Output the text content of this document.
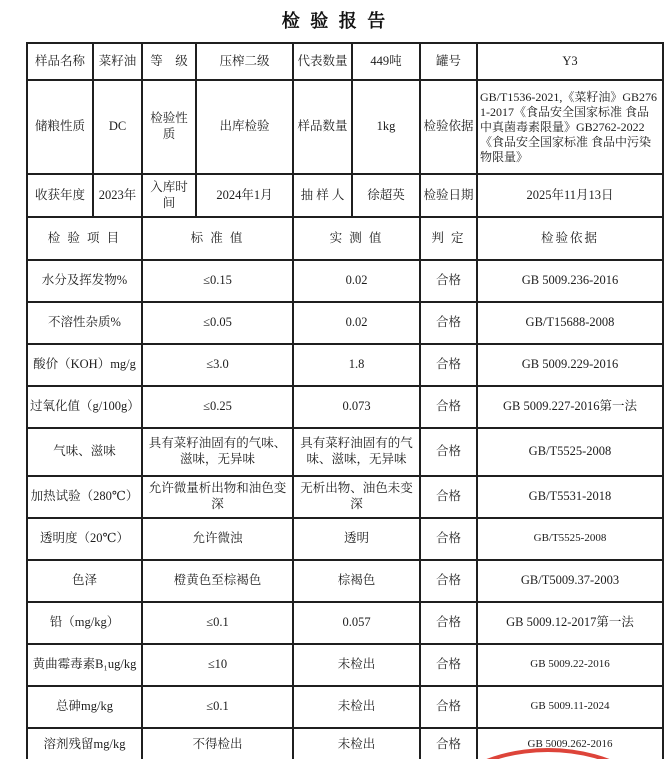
检 验 报 告
样品名称	菜籽油	等　级	压榨二级	代表数量	449吨	罐号	Y3
储粮性质	DC	检验性质	出库检验	样品数量	1kg	检验依据	GB/T1536-2021,《菜籽油》GB2761-2017《食品安全国家标准 食品中真菌毒素限量》GB2762-2022《食品安全国家标准 食品中污染物限量》
收获年度	2023年	入库时间	2024年1月	抽 样 人	徐超英	检验日期	2025年11月13日
检 验 项 目		标 准 值		实 测 值		判 定	检验依据
水分及挥发物%		≤0.15		0.02		合格	GB 5009.236-2016
不溶性杂质%		≤0.05		0.02		合格	GB/T15688-2008
酸价（KOH）mg/g		≤3.0		1.8		合格	GB 5009.229-2016
过氧化值（g/100g）		≤0.25		0.073		合格	GB 5009.227-2016第一法
气味、滋味		具有菜籽油固有的气味、滋味，无异味		具有菜籽油固有的气味、滋味，无异味		合格	GB/T5525-2008
加热试验（280℃）		允许微量析出物和油色变深		无析出物、油色未变深		合格	GB/T5531-2018
透明度（20℃）		允许微浊		透明		合格	GB/T5525-2008
色泽		橙黄色至棕褐色		棕褐色		合格	GB/T5009.37-2003
铅（mg/kg）		≤0.1		0.057		合格	GB 5009.12-2017第一法
黄曲霉毒素B₁ug/kg		≤10		未检出		合格	GB 5009.22-2016
总砷mg/kg		≤0.1		未检出		合格	GB 5009.11-2024
溶剂残留mg/kg		不得检出		未检出		合格	GB 5009.262-2016
